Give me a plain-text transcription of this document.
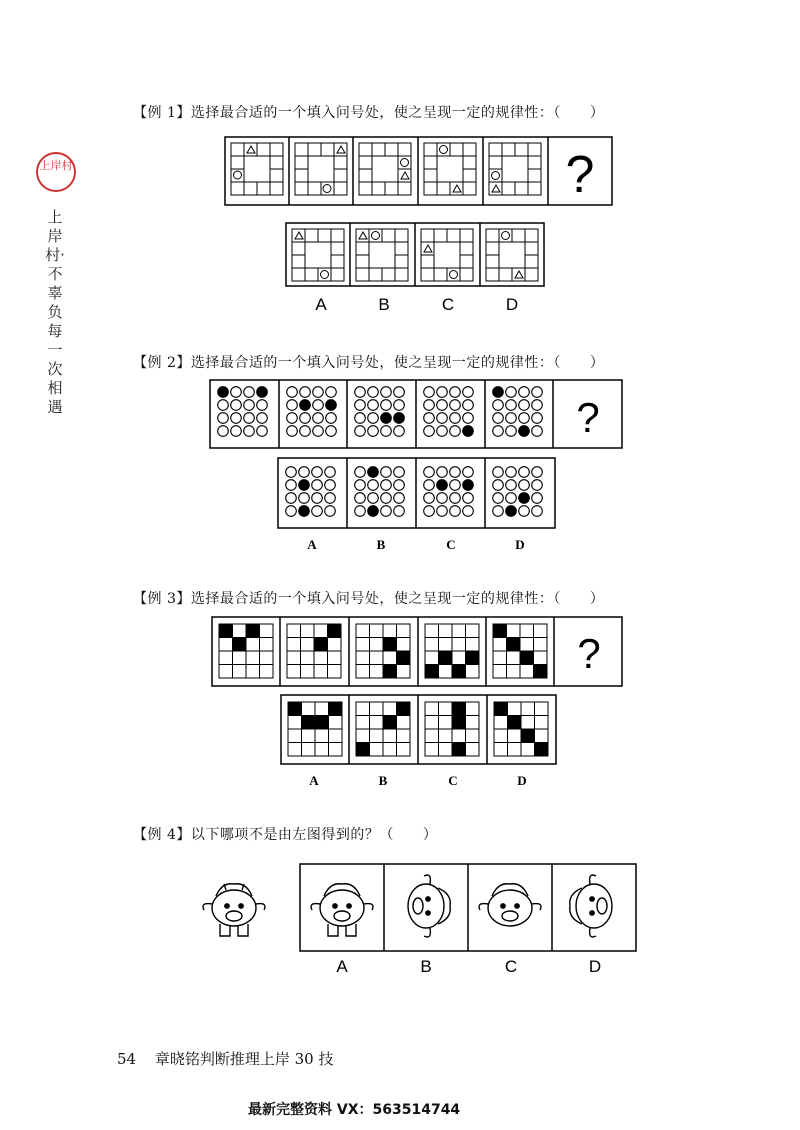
上岸村
上岸村·不辜负每一次相遇
【例 1】选择最合适的一个填入问号处，使之呈现一定的规律性：（　　）
【例 2】选择最合适的一个填入问号处，使之呈现一定的规律性：（　　）
【例 3】选择最合适的一个填入问号处，使之呈现一定的规律性：（　　）
【例 4】以下哪项不是由左图得到的？（　　）
?
?
?
A	B	C	D
A	B	C	D
A	B	C	D
A	B	C	D
54 章晓铭判断推理上岸 30 技
最新完整资料 VX：563514744
